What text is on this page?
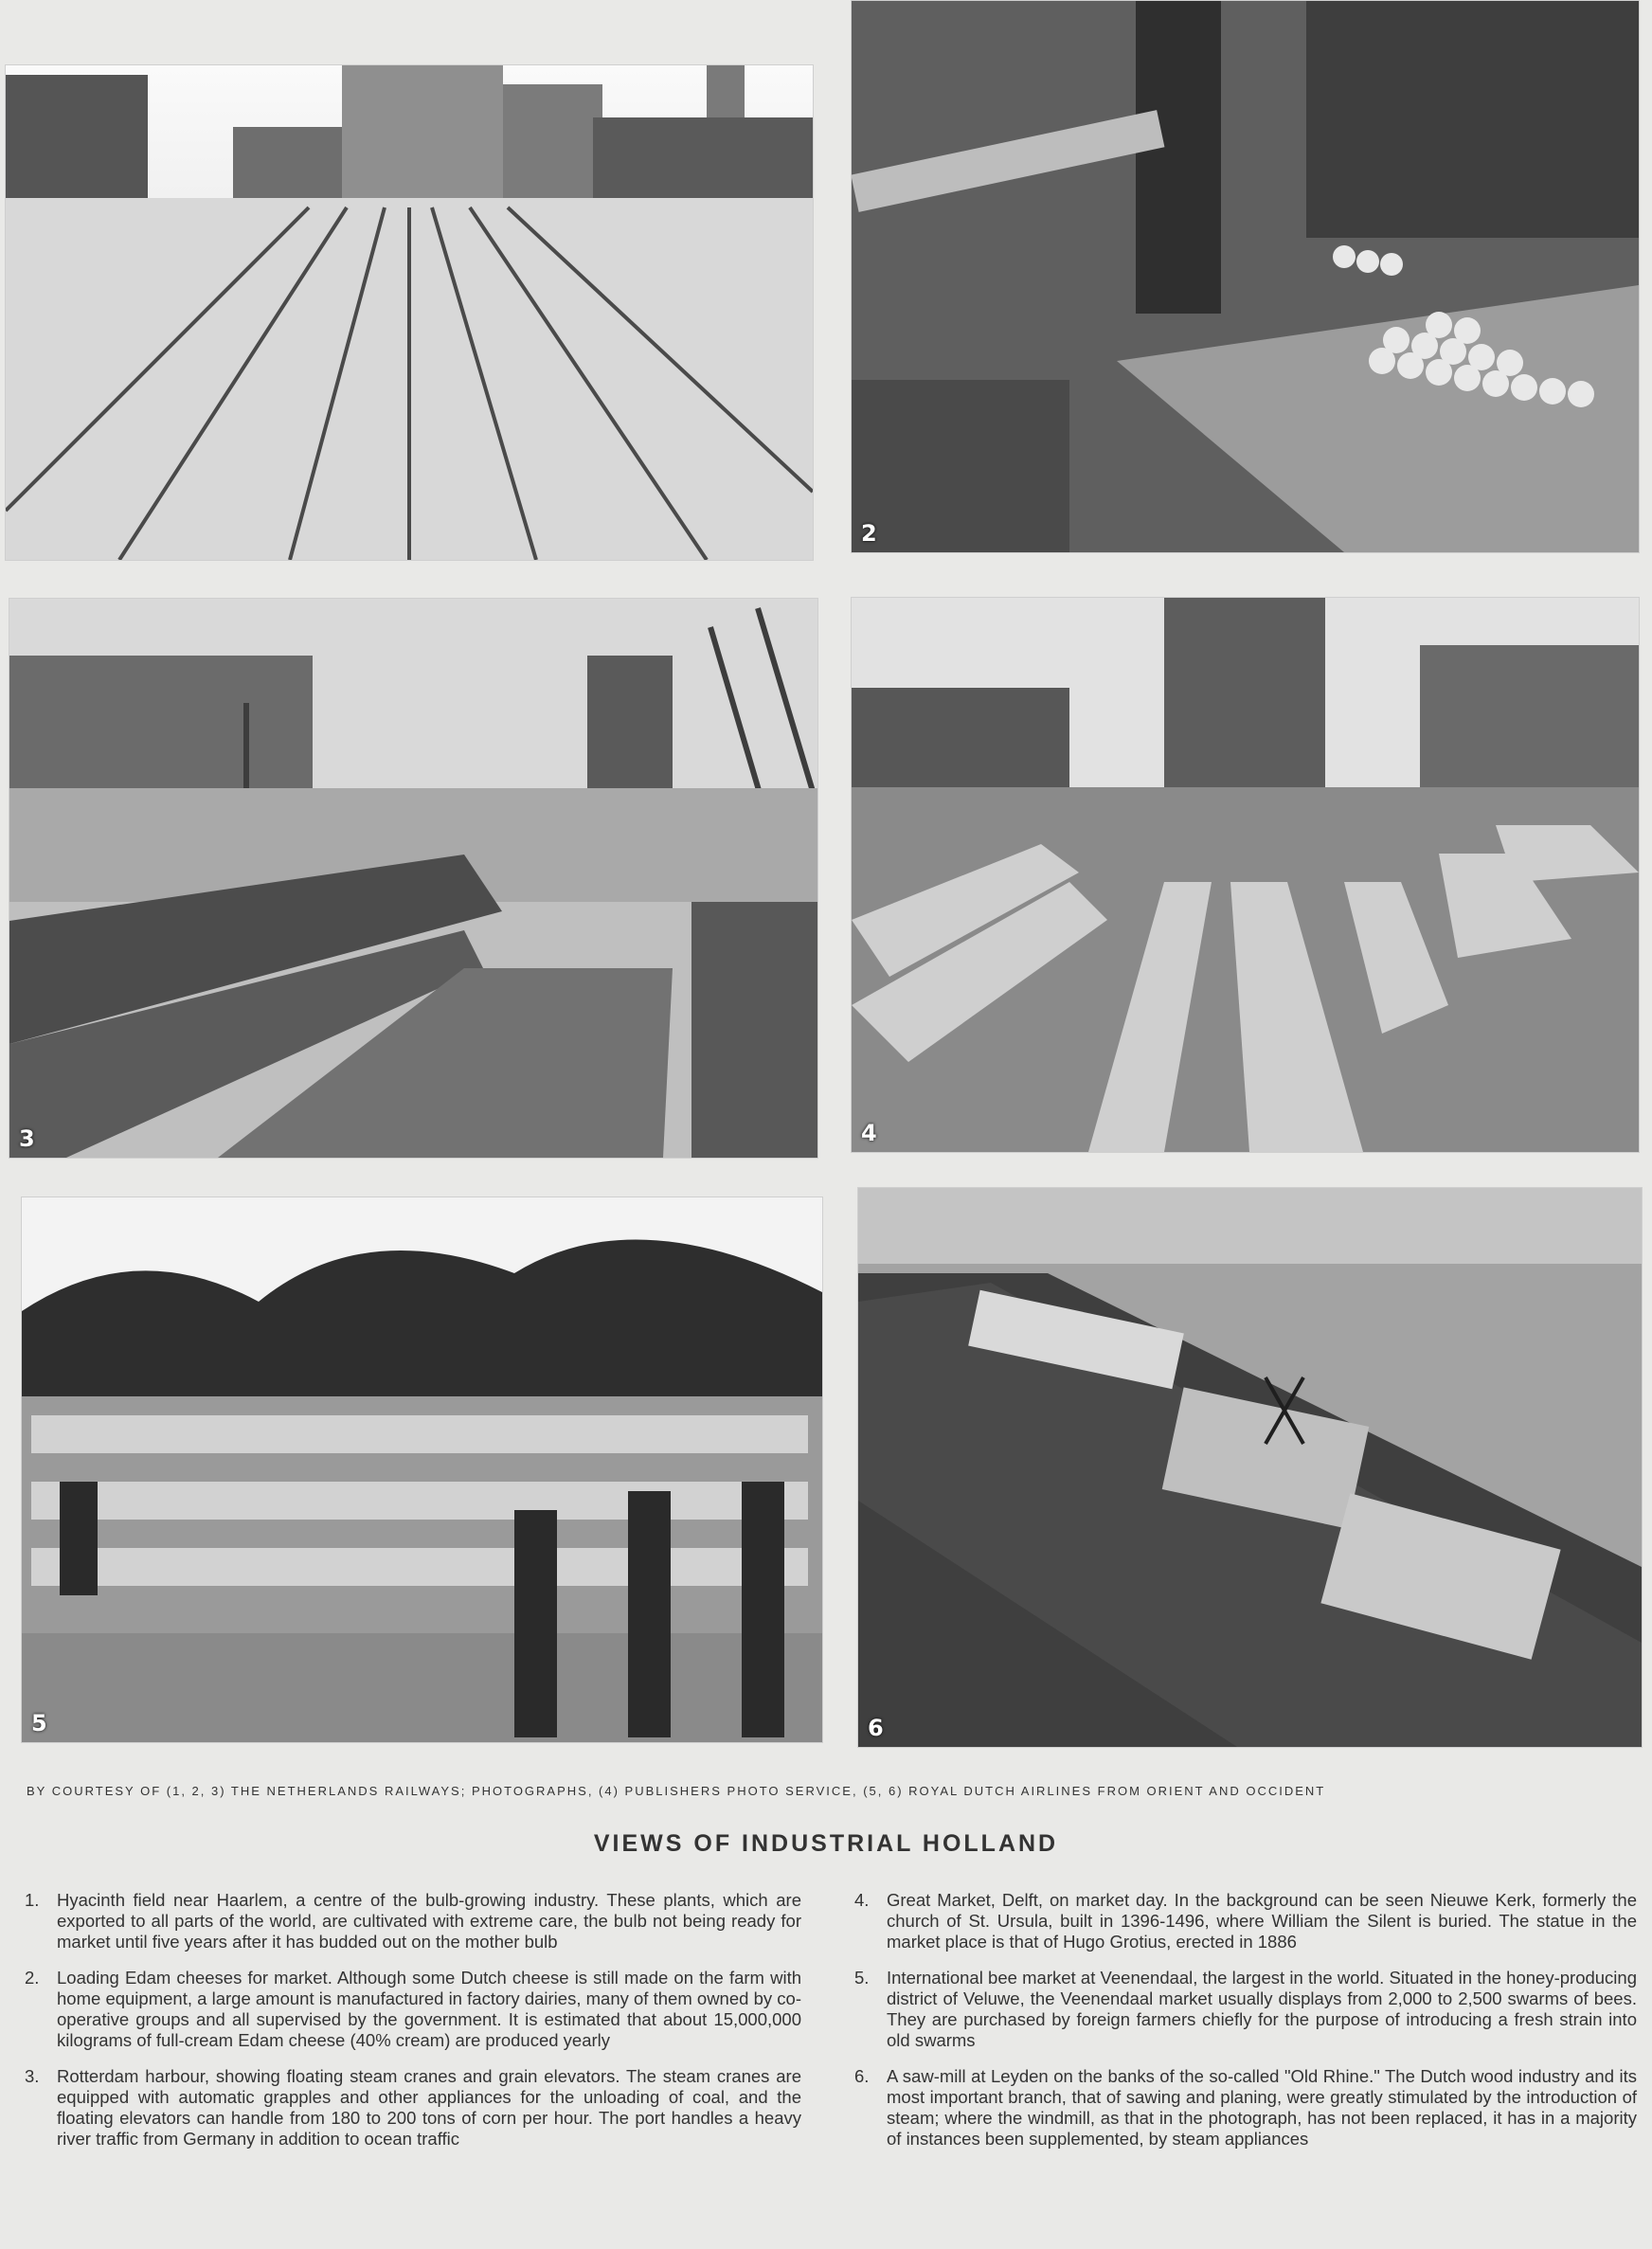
2
3	4
5	6
BY COURTESY OF (1, 2, 3) THE NETHERLANDS RAILWAYS; PHOTOGRAPHS, (4) PUBLISHERS PHOTO SERVICE, (5, 6) ROYAL DUTCH AIRLINES FROM ORIENT AND OCCIDENT
VIEWS OF INDUSTRIAL HOLLAND
1.	Hyacinth field near Haarlem, a centre of the bulb-growing industry. These plants, which are exported to all parts of the world, are cultivated with extreme care, the bulb not being ready for market until five years after it has budded out on the mother bulb
2.	Loading Edam cheeses for market. Although some Dutch cheese is still made on the farm with home equipment, a large amount is manufactured in factory dairies, many of them owned by co-operative groups and all supervised by the government. It is estimated that about 15,000,000 kilograms of full-cream Edam cheese (40% cream) are produced yearly
3.	Rotterdam harbour, showing floating steam cranes and grain elevators. The steam cranes are equipped with automatic grapples and other appliances for the unloading of coal, and the floating elevators can handle from 180 to 200 tons of corn per hour. The port handles a heavy river traffic from Germany in addition to ocean traffic
4.	Great Market, Delft, on market day. In the background can be seen Nieuwe Kerk, formerly the church of St. Ursula, built in 1396-1496, where William the Silent is buried. The statue in the market place is that of Hugo Grotius, erected in 1886
5.	International bee market at Veenendaal, the largest in the world. Situated in the honey-producing district of Veluwe, the Veenendaal market usually displays from 2,000 to 2,500 swarms of bees. They are purchased by foreign farmers chiefly for the purpose of introducing a fresh strain into old swarms
6.	A saw-mill at Leyden on the banks of the so-called "Old Rhine." The Dutch wood industry and its most important branch, that of sawing and planing, were greatly stimulated by the introduction of steam; where the windmill, as that in the photograph, has not been replaced, it has in a majority of instances been supplemented, by steam appliances
